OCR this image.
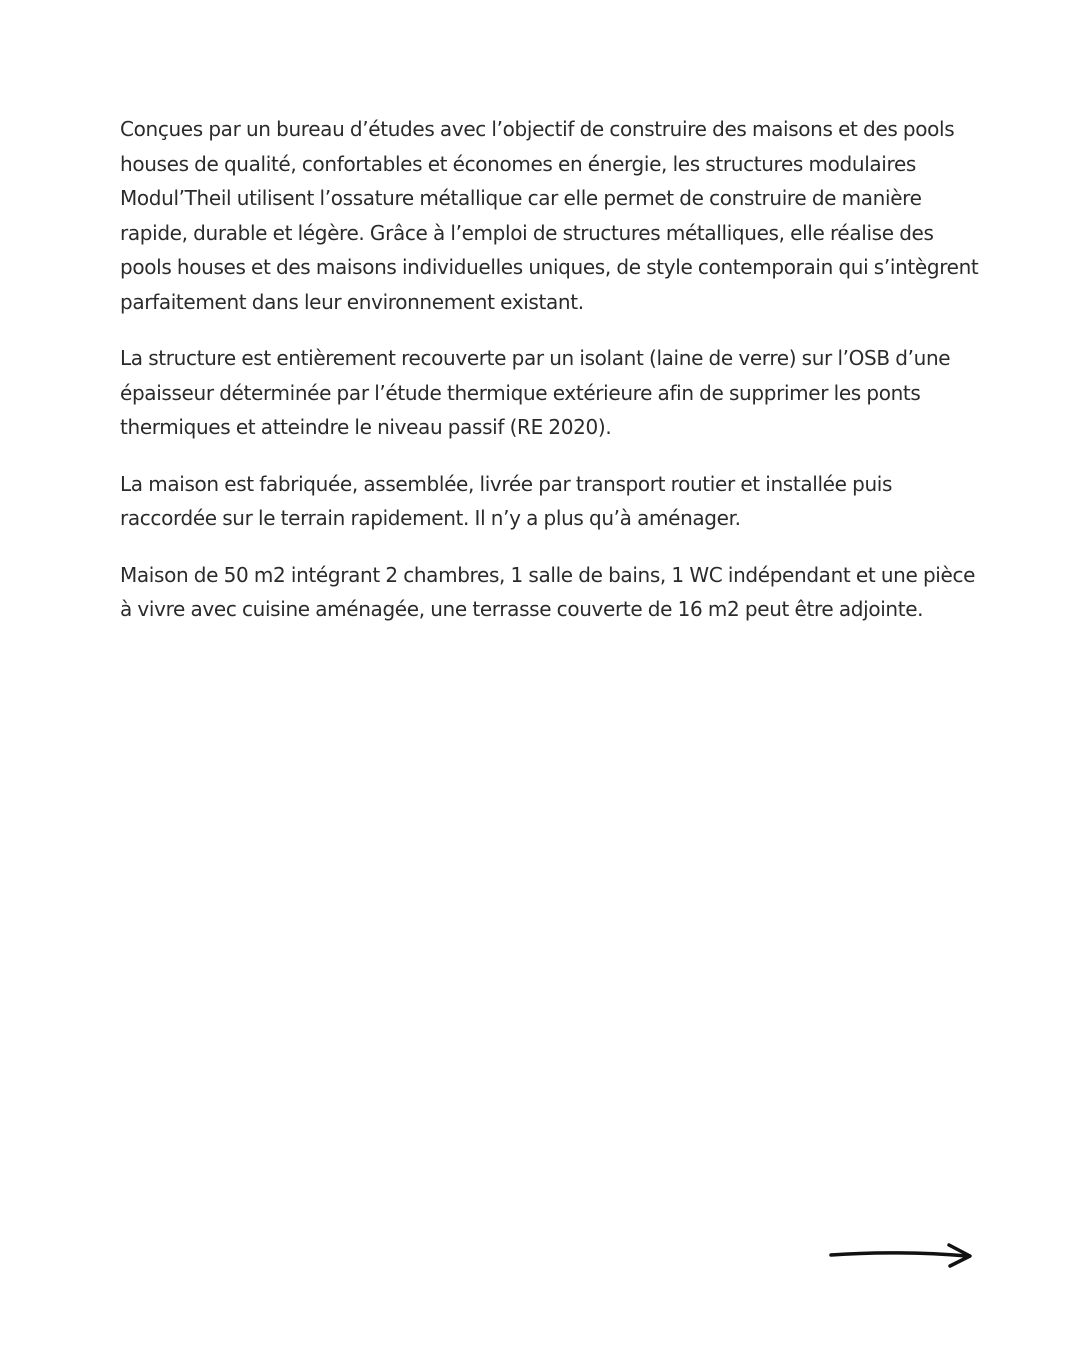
Conçues par un bureau d’études avec l’objectif de construire des maisons et des pools houses de qualité, confortables et économes en énergie, les structures modulaires Modul’Theil utilisent l’ossature métallique car elle permet de construire de manière rapide, durable et légère. Grâce à l’emploi de structures métalliques, elle réalise des pools houses et des maisons individuelles uniques, de style contemporain qui s’intègrent parfaitement dans leur environnement existant.

La structure est entièrement recouverte par un isolant (laine de verre) sur l’OSB d’une épaisseur déterminée par l’étude thermique extérieure afin de supprimer les ponts thermiques et atteindre le niveau passif (RE 2020).

La maison est fabriquée, assemblée, livrée par transport routier et installée puis raccordée sur le terrain rapidement. Il n’y a plus qu’à aménager.

Maison de 50 m2 intégrant 2 chambres, 1 salle de bains, 1 WC indépendant et une pièce à vivre avec cuisine aménagée, une terrasse couverte de 16 m2 peut être adjointe.
